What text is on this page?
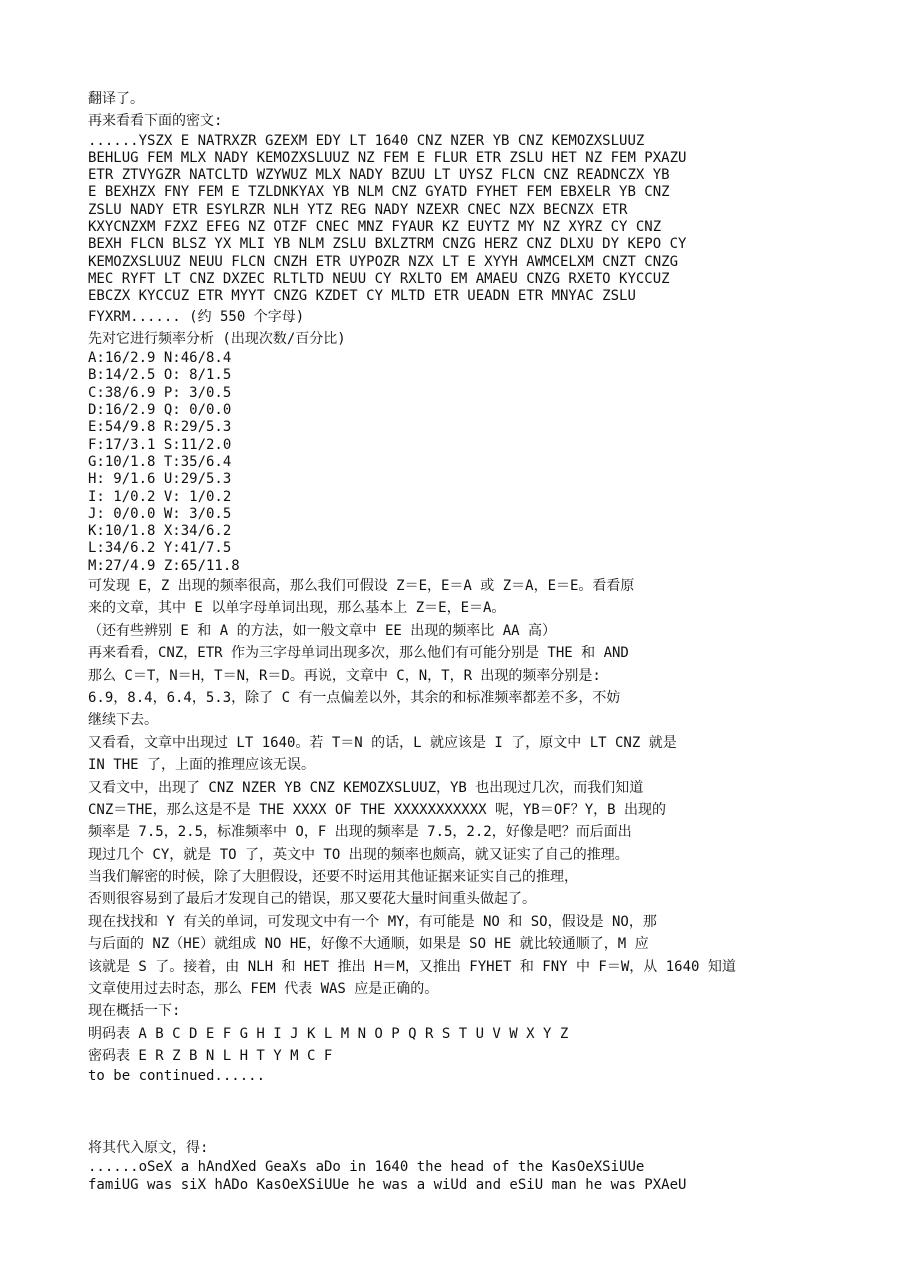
翻译了。
再来看看下面的密文:
......YSZX E NATRXZR GZEXM EDY LT 1640 CNZ NZER YB CNZ KEMOZXSLUUZ
BEHLUG FEM MLX NADY KEMOZXSLUUZ NZ FEM E FLUR ETR ZSLU HET NZ FEM PXAZU
ETR ZTVYGZR NATCLTD WZYWUZ MLX NADY BZUU LT UYSZ FLCN CNZ READNCZX YB
E BEXHZX FNY FEM E TZLDNKYAX YB NLM CNZ GYATD FYHET FEM EBXELR YB CNZ
ZSLU NADY ETR ESYLRZR NLH YTZ REG NADY NZEXR CNEC NZX BECNZX ETR
KXYCNZXM FZXZ EFEG NZ OTZF CNEC MNZ FYAUR KZ EUYTZ MY NZ XYRZ CY CNZ
BEXH FLCN BLSZ YX MLI YB NLM ZSLU BXLZTRM CNZG HERZ CNZ DLXU DY KEPO CY
KEMOZXSLUUZ NEUU FLCN CNZH ETR UYPOZR NZX LT E XYYH AWMCELXM CNZT CNZG
MEC RYFT LT CNZ DXZEC RLTLTD NEUU CY RXLTO EM AMAEU CNZG RXETO KYCCUZ
EBCZX KYCCUZ ETR MYYT CNZG KZDET CY MLTD ETR UEADN ETR MNYAC ZSLU
FYXRM...... (约 550 个字母)
先对它进行频率分析 (出现次数/百分比)
A:16/2.9 N:46/8.4
B:14/2.5 O: 8/1.5
C:38/6.9 P: 3/0.5
D:16/2.9 Q: 0/0.0
E:54/9.8 R:29/5.3
F:17/3.1 S:11/2.0
G:10/1.8 T:35/6.4
H: 9/1.6 U:29/5.3
I: 1/0.2 V: 1/0.2
J: 0/0.0 W: 3/0.5
K:10/1.8 X:34/6.2
L:34/6.2 Y:41/7.5
M:27/4.9 Z:65/11.8
可发现 E，Z 出现的频率很高，那么我们可假设 Z＝E，E＝A 或 Z＝A，E＝E。看看原
来的文章，其中 E 以单字母单词出现，那么基本上 Z＝E，E＝A。
（还有些辨别 E 和 A 的方法，如一般文章中 EE 出现的频率比 AA 高）
再来看看，CNZ，ETR 作为三字母单词出现多次，那么他们有可能分别是 THE 和 AND
那么 C＝T，N＝H，T＝N，R＝D。再说，文章中 C，N，T，R 出现的频率分别是:
6.9，8.4，6.4，5.3，除了 C 有一点偏差以外，其余的和标准频率都差不多，不妨
继续下去。
又看看，文章中出现过 LT 1640。若 T＝N 的话，L 就应该是 I 了，原文中 LT CNZ 就是
IN THE 了，上面的推理应该无误。
又看文中，出现了 CNZ NZER YB CNZ KEMOZXSLUUZ，YB 也出现过几次，而我们知道
CNZ＝THE，那么这是不是 THE XXXX OF THE XXXXXXXXXXX 呢，YB＝OF？Y，B 出现的
频率是 7.5，2.5，标准频率中 O，F 出现的频率是 7.5，2.2，好像是吧？而后面出
现过几个 CY，就是 TO 了，英文中 TO 出现的频率也颇高，就又证实了自己的推理。
当我们解密的时候，除了大胆假设，还要不时运用其他证据来证实自己的推理，
否则很容易到了最后才发现自己的错误，那又要花大量时间重头做起了。
现在找找和 Y 有关的单词，可发现文中有一个 MY，有可能是 NO 和 SO，假设是 NO，那
与后面的 NZ（HE）就组成 NO HE，好像不大通顺，如果是 SO HE 就比较通顺了，M 应
该就是 S 了。接着，由 NLH 和 HET 推出 H＝M，又推出 FYHET 和 FNY 中 F＝W，从 1640 知道
文章使用过去时态，那么 FEM 代表 WAS 应是正确的。
现在概括一下:
明码表 A B C D E F G H I J K L M N O P Q R S T U V W X Y Z
密码表 E R Z B N L H T Y M C F
to be continued......
将其代入原文，得:
......oSeX a hAndXed GeaXs aDo in 1640 the head of the KasOeXSiUUe
famiUG was siX hADo KasOeXSiUUe he was a wiUd and eSiU man he was PXAeU
